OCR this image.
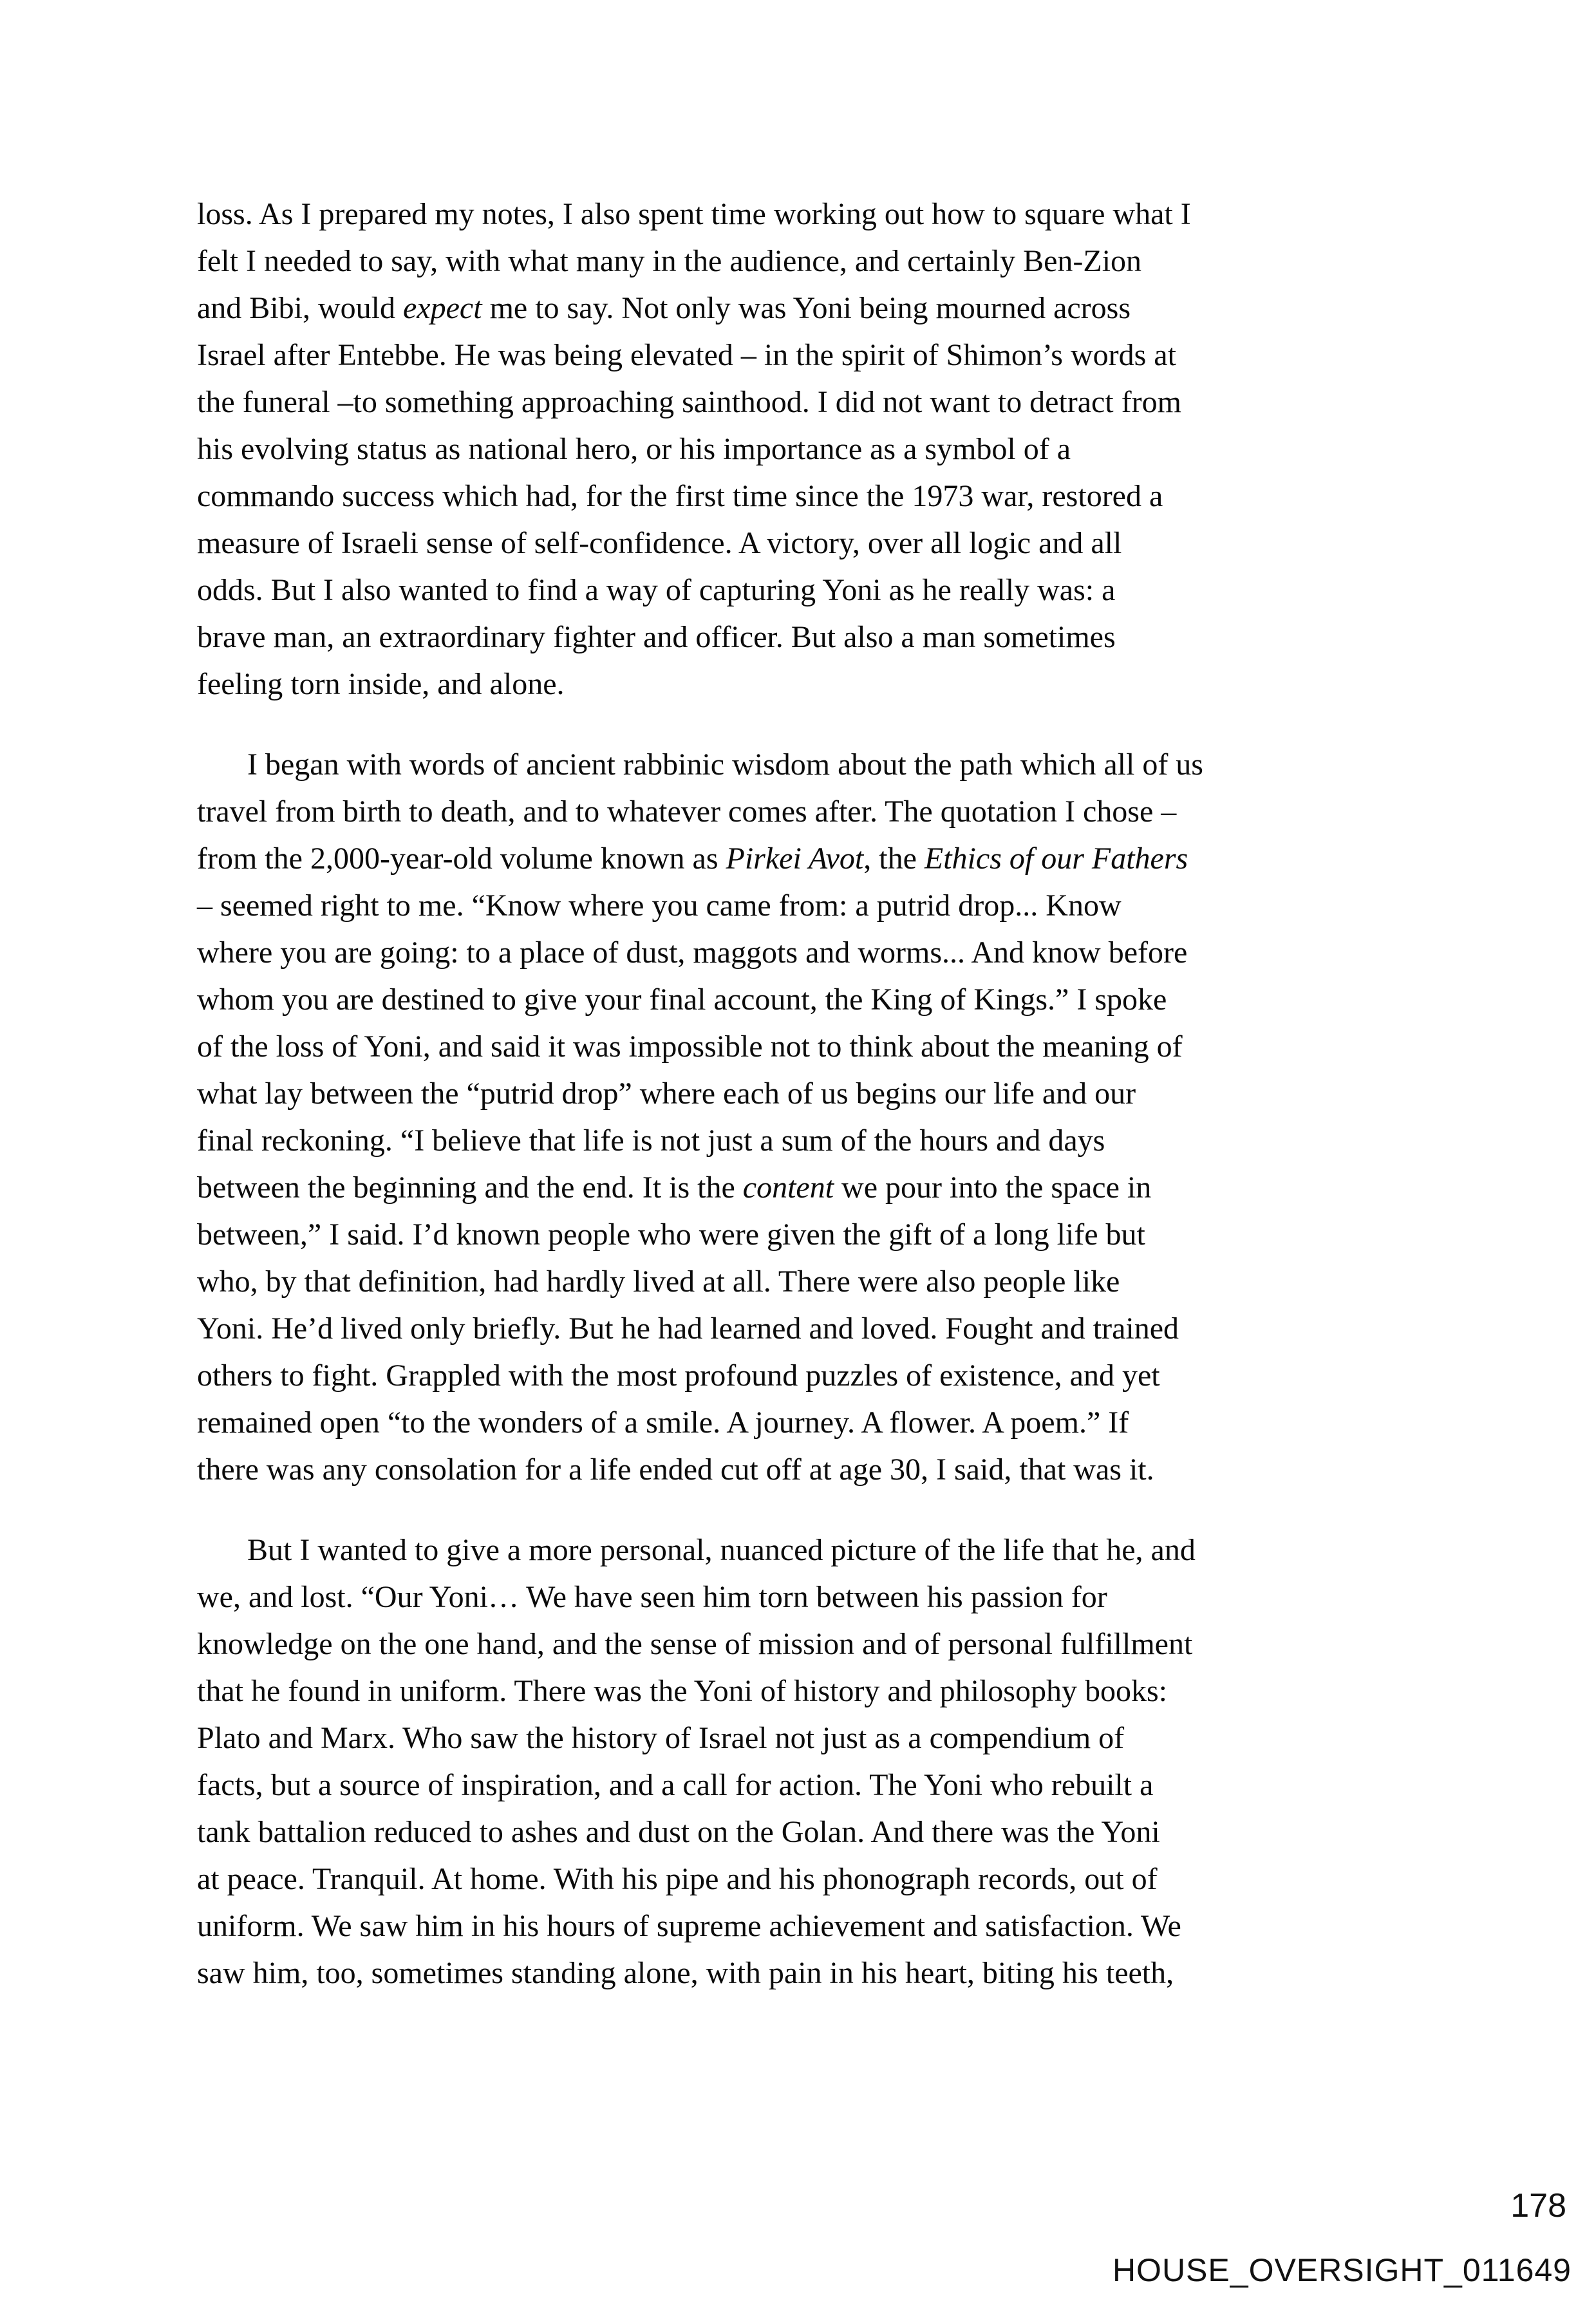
loss. As I prepared my notes, I also spent time working out how to square what I
felt I needed to say, with what many in the audience, and certainly Ben-Zion
and Bibi, would expect me to say. Not only was Yoni being mourned across
Israel after Entebbe. He was being elevated – in the spirit of Shimon’s words at
the funeral –to something approaching sainthood. I did not want to detract from
his evolving status as national hero, or his importance as a symbol of a
commando success which had, for the first time since the 1973 war, restored a
measure of Israeli sense of self-confidence. A victory, over all logic and all
odds. But I also wanted to find a way of capturing Yoni as he really was: a
brave man, an extraordinary fighter and officer. But also a man sometimes
feeling torn inside, and alone.
I began with words of ancient rabbinic wisdom about the path which all of us
travel from birth to death, and to whatever comes after. The quotation I chose –
from the 2,000-year-old volume known as Pirkei Avot, the Ethics of our Fathers
– seemed right to me. “Know where you came from: a putrid drop... Know
where you are going: to a place of dust, maggots and worms... And know before
whom you are destined to give your final account, the King of Kings.” I spoke
of the loss of Yoni, and said it was impossible not to think about the meaning of
what lay between the “putrid drop” where each of us begins our life and our
final reckoning. “I believe that life is not just a sum of the hours and days
between the beginning and the end. It is the content we pour into the space in
between,” I said. I’d known people who were given the gift of a long life but
who, by that definition, had hardly lived at all. There were also people like
Yoni. He’d lived only briefly. But he had learned and loved. Fought and trained
others to fight. Grappled with the most profound puzzles of existence, and yet
remained open “to the wonders of a smile. A journey. A flower. A poem.” If
there was any consolation for a life ended cut off at age 30, I said, that was it.
But I wanted to give a more personal, nuanced picture of the life that he, and
we, and lost. “Our Yoni… We have seen him torn between his passion for
knowledge on the one hand, and the sense of mission and of personal fulfillment
that he found in uniform. There was the Yoni of history and philosophy books:
Plato and Marx. Who saw the history of Israel not just as a compendium of
facts, but a source of inspiration, and a call for action. The Yoni who rebuilt a
tank battalion reduced to ashes and dust on the Golan. And there was the Yoni
at peace. Tranquil. At home. With his pipe and his phonograph records, out of
uniform. We saw him in his hours of supreme achievement and satisfaction. We
saw him, too, sometimes standing alone, with pain in his heart, biting his teeth,
178
HOUSE_OVERSIGHT_011649
